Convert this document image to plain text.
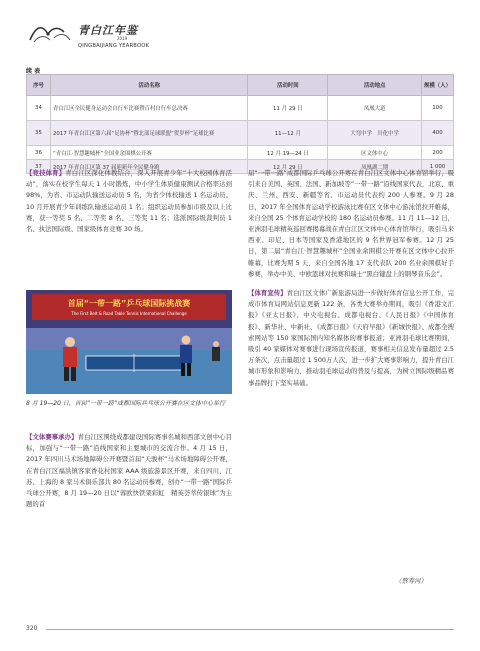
青白江年鉴
2019
QINGBAIJIANG YEARBOOK
续 表
序号	活动名称	活动时间	活动地点	规模（人）
34	青白江区全民健身运动会自行车比赛暨百村自行车总决赛	11 月 29 日	凤凰大道	100
35	2017 年青白江区第六届“足协杯”暨北部足球联盟“贺岁杯”足球比赛	11—12 月	大弯中学　川化中学	400
36	“青白江·智慧趣城杯”全国业余围棋公开赛	12 月 19—24 日	区文体中心	200
37	2017 年青白江区第 37 届迎新年全民健身跑	12 月 29 日	凤凰湖二期	1 000

【竞技体育】青白江区深化体教结合，深入开展青少年“十大校园体育活动”，落实在校学生每天 1 小时锻炼，中小学生体质健康测试合格率达到 98%，为省、市运动队输送运动员 5 名，为省少体校输送 1 名运动员。10 月开展青少年训练队输送运动员 1 名；组织运动员参加市级及以上比赛，获一等奖 5 名、二等奖 8 名、三等奖 11 名；选派国际级裁判员 1 名、执法国际级、国家级体育竞赛 30 场。

首届“一带一路”乒乓球国际挑战赛
The First Belt & Road Table Tennis International Challenge
8 月 19—20 日，首届“一带一路”成都国际乒乓球公开赛在区文体中心举行

【文体赛事承办】青白江区围绕成都建设国际赛事名城和西部文创中心目标，加强与“一带一路”沿线国家和主要城市的交流合作。4 月 15 日，2017 年四川马术场地障碍公开赛暨首届“天骏杯”马术场地障碍公开赛，在青白江区福洪镇客家香花村国家 AAA 级旅游景区开赛，来自四川、江苏、上海的 8 家马术俱乐部共 80 名运动员参赛，创办“一带一路”国际乒乓球公开赛，8 月 19—20 日以“蓉欧快铁架彩虹　精英荟萃传银球”为主题的首

届“一带一路”成都国际乒乓球公开赛在青白江区文体中心体育馆举行，吸引来自美国、英国、法国、新加坡等“一带一路”沿线国家代表，北京、重庆、兰州、西安、新疆等省、市运动员代表约 200 人参赛。9 月 28 日，2017 年全国体育运动学校游泳比赛在区文体中心游泳馆拉开帷幕，来自全国 25 个体育运动学校的 180 名运动员参赛。11 月 11—12 日，亚洲羽毛球精英巡回赛揭幕战在青白江区文体中心体育馆举行，吸引马来西亚、印尼、日本等国家及香港地区的 9 名世界冠军参赛。12 月 25 日，第二届“青白江·智慧趣城杯”全国业余围棋公开赛在区文体中心拉开帷幕，比赛为期 5 天，来自全国各地 17 支代表队 200 名业余围棋好手参赛，举办中美、中欧篮球对抗赛和瑞士“黑白键盘上的钢琴音乐会”。

【体育宣传】青白江区文体广新旅游局进一步做好体育信息公开工作，完成市体育局网站信息更新 122 条，各类大赛举办期间，吸引《香港文汇报》《亚太日报》、中央电视台、成都电视台、《人民日报》《中国体育报》、新华社、中新社、《成都日报》《天府早报》《新城快报》、成都全搜索网站等 150 家国际国内知名媒体的赛事报道；亚洲羽毛球比赛期间，吸引 40 家媒体对赛事进行现场宣传报道，赛事相关信息发布量超过 2.5 万条次，点击量超过 1 500万人次，进一步扩大赛事影响力，提升青白江城市形象和影响力，推动羽毛球运动的普及与提高，为树立国际级精品赛事品牌打下坚实基础。

（蔡寿河）
320
